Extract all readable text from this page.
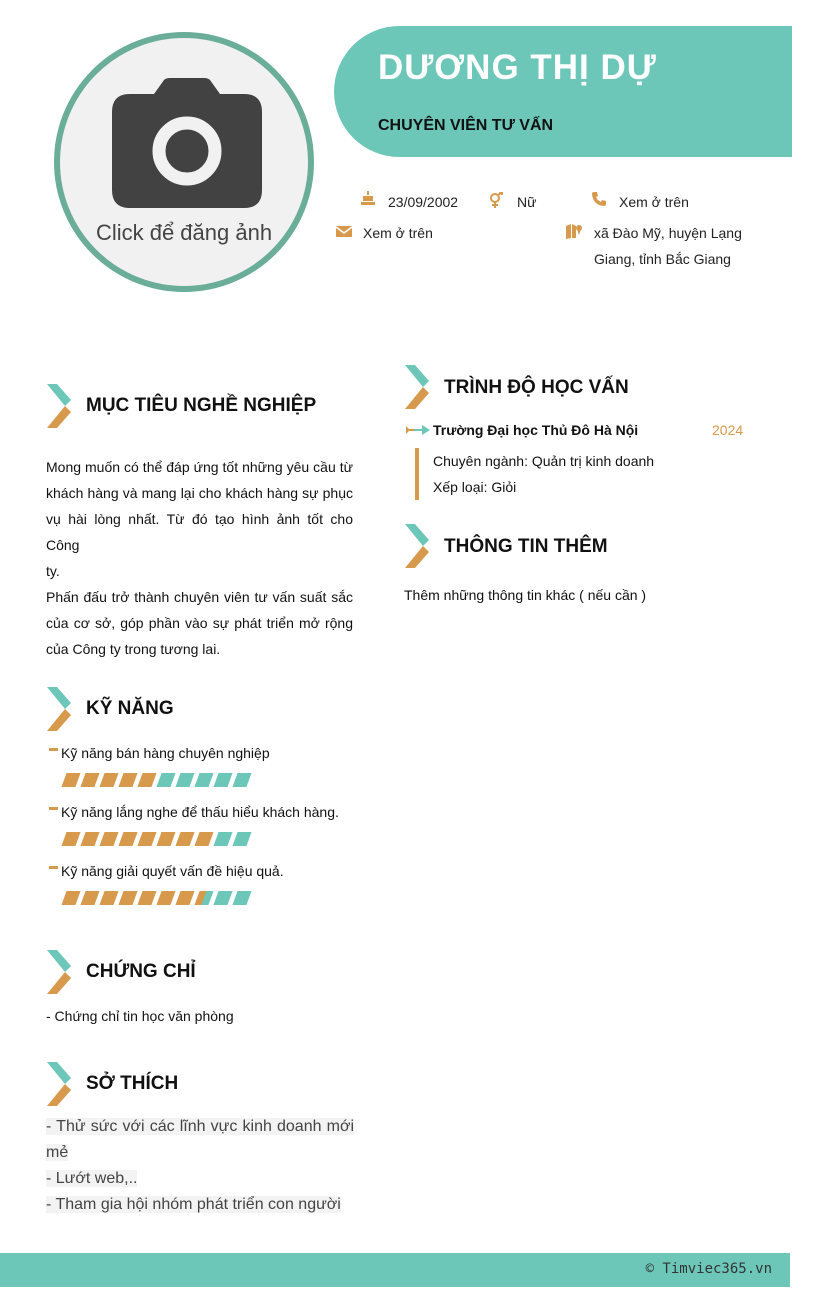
Click để đăng ảnh
DƯƠNG THỊ DỰ
CHUYÊN VIÊN TƯ VẤN
23/09/2002	Nữ	Xem ở trên
Xem ở trên	xã Đào Mỹ, huyện Lạng
Giang, tỉnh Bắc Giang
MỤC TIÊU NGHỀ NGHIỆP
Mong muốn có thể đáp ứng tốt những yêu cầu từ
khách hàng và mang lại cho khách hàng sự phục
vụ hài lòng nhất. Từ đó tạo hình ảnh tốt cho Công
ty.
Phấn đấu trở thành chuyên viên tư vấn suất sắc
của cơ sở, góp phần vào sự phát triển mở rộng
của Công ty trong tương lai.
TRÌNH ĐỘ HỌC VẤN
Trường Đại học Thủ Đô Hà Nội	2024
Chuyên ngành: Quản trị kinh doanh
Xếp loại: Giỏi
THÔNG TIN THÊM
Thêm những thông tin khác ( nếu cần )
KỸ NĂNG
Kỹ năng bán hàng chuyên nghiệp
Kỹ năng lắng nghe để thấu hiểu khách hàng.
Kỹ năng giải quyết vấn đề hiệu quả.
CHỨNG CHỈ
- Chứng chỉ tin học văn phòng
SỞ THÍCH
- Thử sức với các lĩnh vực kinh doanh mới
mẻ
- Lướt web,..
- Tham gia hội nhóm phát triển con người
© Timviec365.vn
